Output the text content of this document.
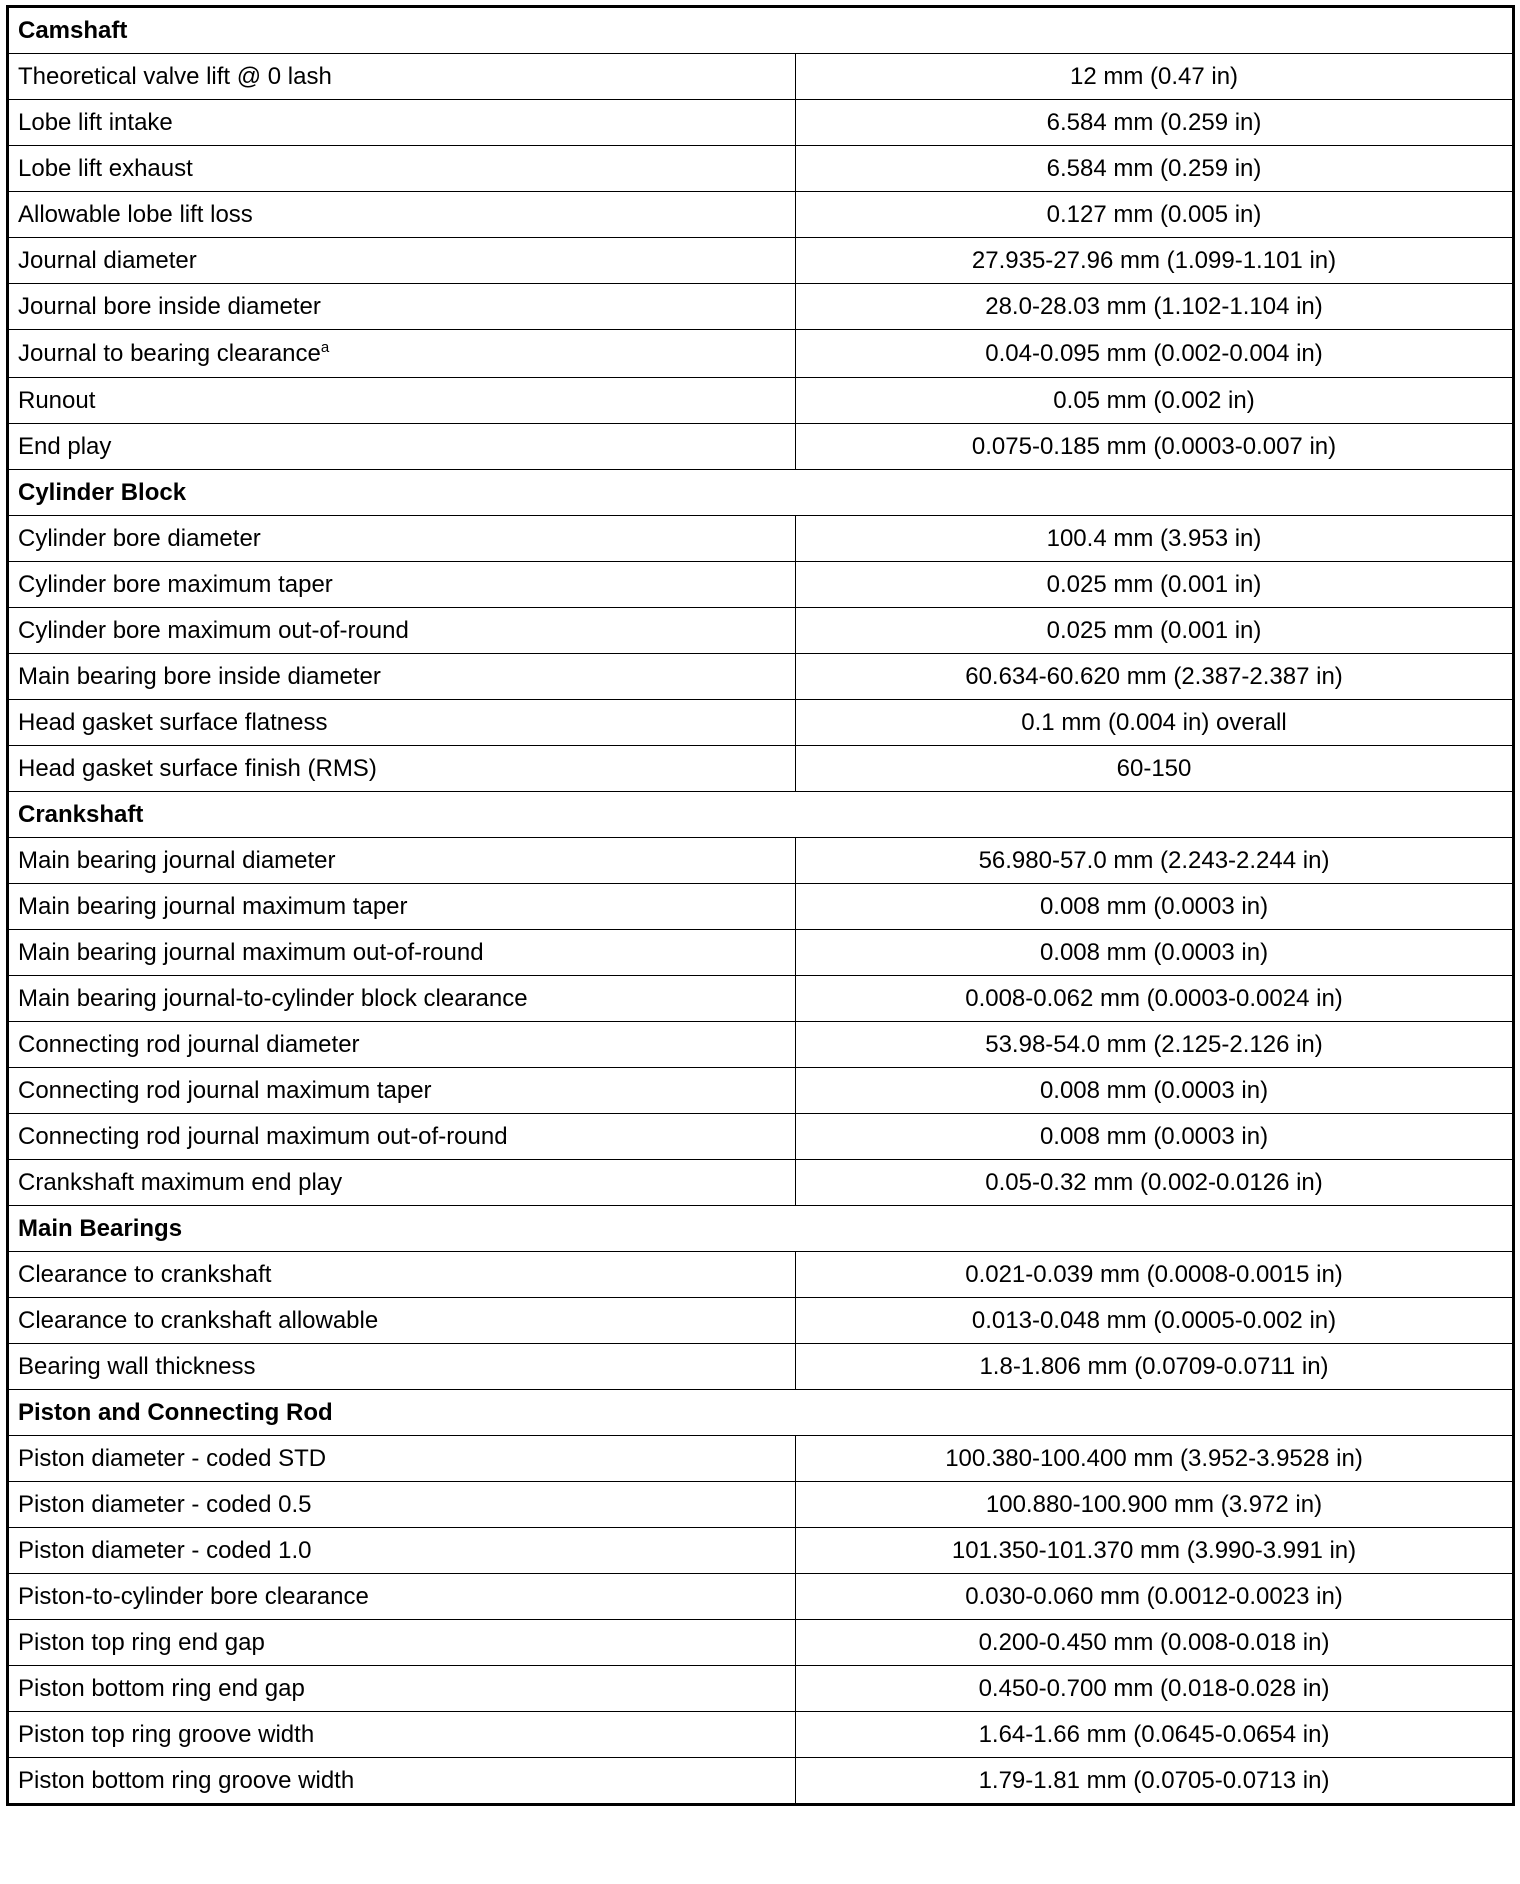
Camshaft	
Theoretical valve lift @ 0 lash	12 mm (0.47 in)
Lobe lift intake	6.584 mm (0.259 in)
Lobe lift exhaust	6.584 mm (0.259 in)
Allowable lobe lift loss	0.127 mm (0.005 in)
Journal diameter	27.935-27.96 mm (1.099-1.101 in)
Journal bore inside diameter	28.0-28.03 mm (1.102-1.104 in)
Journal to bearing clearance$^a$	0.04-0.095 mm (0.002-0.004 in)
Runout	0.05 mm (0.002 in)
End play	0.075-0.185 mm (0.0003-0.007 in)
Cylinder Block	
Cylinder bore diameter	100.4 mm (3.953 in)
Cylinder bore maximum taper	0.025 mm (0.001 in)
Cylinder bore maximum out-of-round	0.025 mm (0.001 in)
Main bearing bore inside diameter	60.634-60.620 mm (2.387-2.387 in)
Head gasket surface flatness	0.1 mm (0.004 in) overall
Head gasket surface finish (RMS)	60-150
Crankshaft	
Main bearing journal diameter	56.980-57.0 mm (2.243-2.244 in)
Main bearing journal maximum taper	0.008 mm (0.0003 in)
Main bearing journal maximum out-of-round	0.008 mm (0.0003 in)
Main bearing journal-to-cylinder block clearance	0.008-0.062 mm (0.0003-0.0024 in)
Connecting rod journal diameter	53.98-54.0 mm (2.125-2.126 in)
Connecting rod journal maximum taper	0.008 mm (0.0003 in)
Connecting rod journal maximum out-of-round	0.008 mm (0.0003 in)
Crankshaft maximum end play	0.05-0.32 mm (0.002-0.0126 in)
Main Bearings	
Clearance to crankshaft	0.021-0.039 mm (0.0008-0.0015 in)
Clearance to crankshaft allowable	0.013-0.048 mm (0.0005-0.002 in)
Bearing wall thickness	1.8-1.806 mm (0.0709-0.0711 in)
Piston and Connecting Rod	
Piston diameter - coded STD	100.380-100.400 mm (3.952-3.9528 in)
Piston diameter - coded 0.5	100.880-100.900 mm (3.972 in)
Piston diameter - coded 1.0	101.350-101.370 mm (3.990-3.991 in)
Piston-to-cylinder bore clearance	0.030-0.060 mm (0.0012-0.0023 in)
Piston top ring end gap	0.200-0.450 mm (0.008-0.018 in)
Piston bottom ring end gap	0.450-0.700 mm (0.018-0.028 in)
Piston top ring groove width	1.64-1.66 mm (0.0645-0.0654 in)
Piston bottom ring groove width	1.79-1.81 mm (0.0705-0.0713 in)
